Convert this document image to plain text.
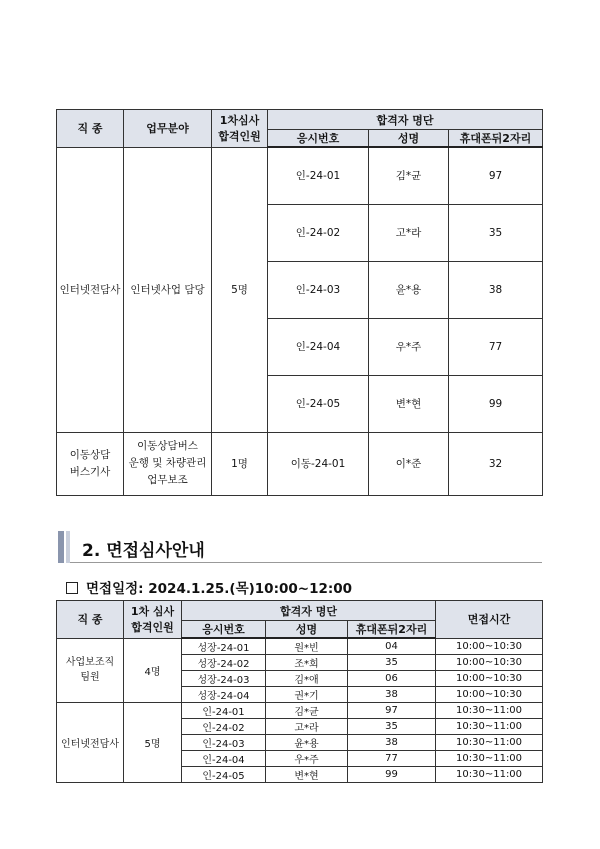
직 종	업무분야	1차심사
합격인원	합격자 명단		
			응시번호	성명	휴대폰뒤2자리
인터넷전담사	인터넷사업 담당	5명	인-24-01	김*균	97
			인-24-02	고*라	35
			인-24-03	윤*용	38
			인-24-04	우*주	77
			인-24-05	변*현	99
이동상담
버스기사	이동상담버스
운행 및 차량관리
업무보조	1명	이동-24-01	이*준	32
2. 면접심사안내
면접일정: 2024.1.25.(목)10:00~12:00
직 종	1차 심사
합격인원	합격자 명단			면접시간
		응시번호	성명	휴대폰뒤2자리	
사업보조직
팀원	4명	성장-24-01	원*빈	04	10:00~10:30
		성장-24-02	조*희	35	10:00~10:30
		성장-24-03	김*애	06	10:00~10:30
		성장-24-04	권*기	38	10:00~10:30
인터넷전담사	5명	인-24-01	김*균	97	10:30~11:00
		인-24-02	고*라	35	10:30~11:00
		인-24-03	윤*용	38	10:30~11:00
		인-24-04	우*주	77	10:30~11:00
		인-24-05	변*현	99	10:30~11:00
